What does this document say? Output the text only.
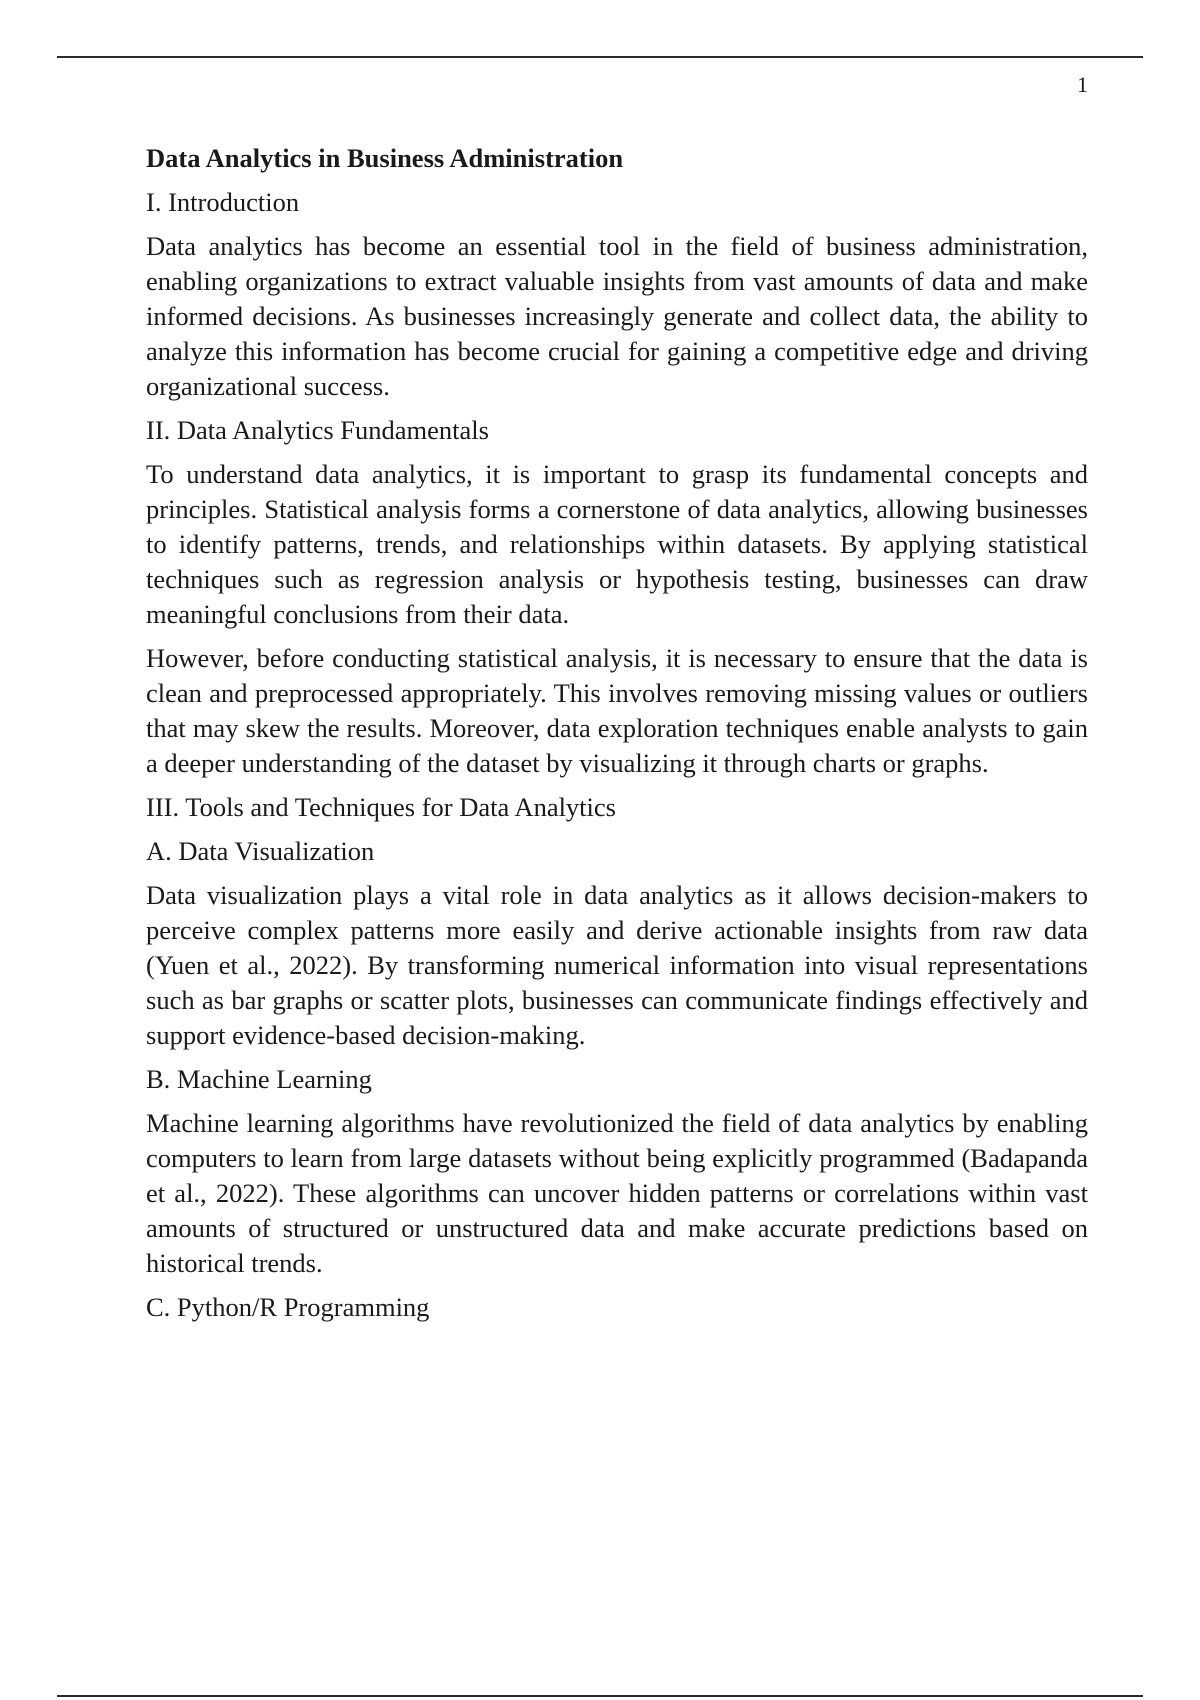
1
Data Analytics in Business Administration
I. Introduction

Data analytics has become an essential tool in the field of business administration, enabling organizations to extract valuable insights from vast amounts of data and make informed decisions. As businesses increasingly generate and collect data, the ability to analyze this information has become crucial for gaining a competitive edge and driving organizational success.

II. Data Analytics Fundamentals

To understand data analytics, it is important to grasp its fundamental concepts and principles. Statistical analysis forms a cornerstone of data analytics, allowing businesses to identify patterns, trends, and relationships within datasets. By applying statistical techniques such as regression analysis or hypothesis testing, businesses can draw meaningful conclusions from their data.

However, before conducting statistical analysis, it is necessary to ensure that the data is clean and preprocessed appropriately. This involves removing missing values or outliers that may skew the results. Moreover, data exploration techniques enable analysts to gain a deeper understanding of the dataset by visualizing it through charts or graphs.

III. Tools and Techniques for Data Analytics
A. Data Visualization

Data visualization plays a vital role in data analytics as it allows decision-makers to perceive complex patterns more easily and derive actionable insights from raw data (Yuen et al., 2022). By transforming numerical information into visual representations such as bar graphs or scatter plots, businesses can communicate findings effectively and support evidence-based decision-making.

B. Machine Learning

Machine learning algorithms have revolutionized the field of data analytics by enabling computers to learn from large datasets without being explicitly programmed (Badapanda et al., 2022). These algorithms can uncover hidden patterns or correlations within vast amounts of structured or unstructured data and make accurate predictions based on historical trends.

C. Python/R Programming
